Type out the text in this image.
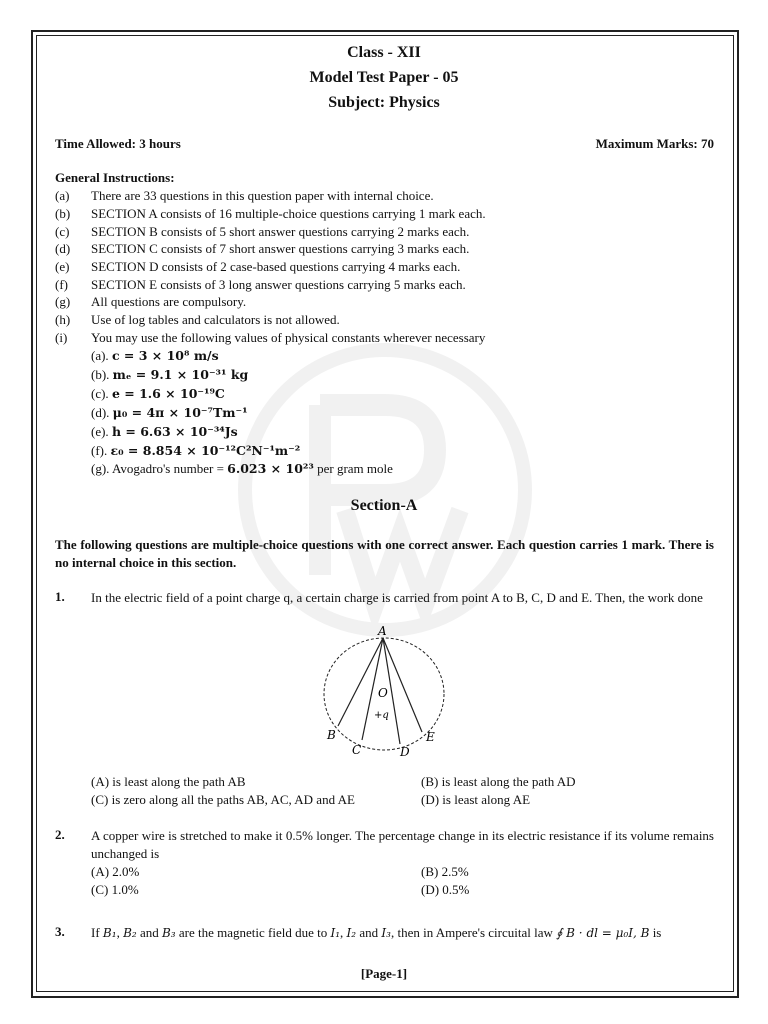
Class - XII
Model Test Paper - 05
Subject: Physics
Time Allowed: 3 hours	Maximum Marks: 70
General Instructions:
(a) There are 33 questions in this question paper with internal choice.
(b) SECTION A consists of 16 multiple-choice questions carrying 1 mark each.
(c) SECTION B consists of 5 short answer questions carrying 2 marks each.
(d) SECTION C consists of 7 short answer questions carrying 3 marks each.
(e) SECTION D consists of 2 case-based questions carrying 4 marks each.
(f) SECTION E consists of 3 long answer questions carrying 5 marks each.
(g) All questions are compulsory.
(h) Use of log tables and calculators is not allowed.
(i) You may use the following values of physical constants wherever necessary
(a). c = 3 × 10⁸ m/s
(b). mₑ = 9.1 × 10⁻³¹ kg
(c). e = 1.6 × 10⁻¹⁹C
(d). μ₀ = 4π × 10⁻⁷Tm⁻¹
(e). h = 6.63 × 10⁻³⁴Js
(f). ε₀ = 8.854 × 10⁻¹²C²N⁻¹m⁻²
(g). Avogadro's number = 6.023 × 10²³ per gram mole
Section-A
The following questions are multiple-choice questions with one correct answer. Each question carries 1 mark. There is no internal choice in this section.
1. In the electric field of a point charge q, a certain charge is carried from point A to B, C, D and E. Then, the work done
A
B
C	D
E
O
+q
(A) is least along the path AB	(B) is least along the path AD
(C) is zero along all the paths AB, AC, AD and AE	(D) is least along AE
2. A copper wire is stretched to make it 0.5% longer. The percentage change in its electric resistance if its volume remains unchanged is
(A) 2.0%	(B) 2.5%
(C) 1.0%	(D) 0.5%
3. If B₁, B₂ and B₃ are the magnetic field due to I₁, I₂ and I₃, then in Ampere's circuital law ∮ B · dl = μ₀I, B is
[Page-1]
